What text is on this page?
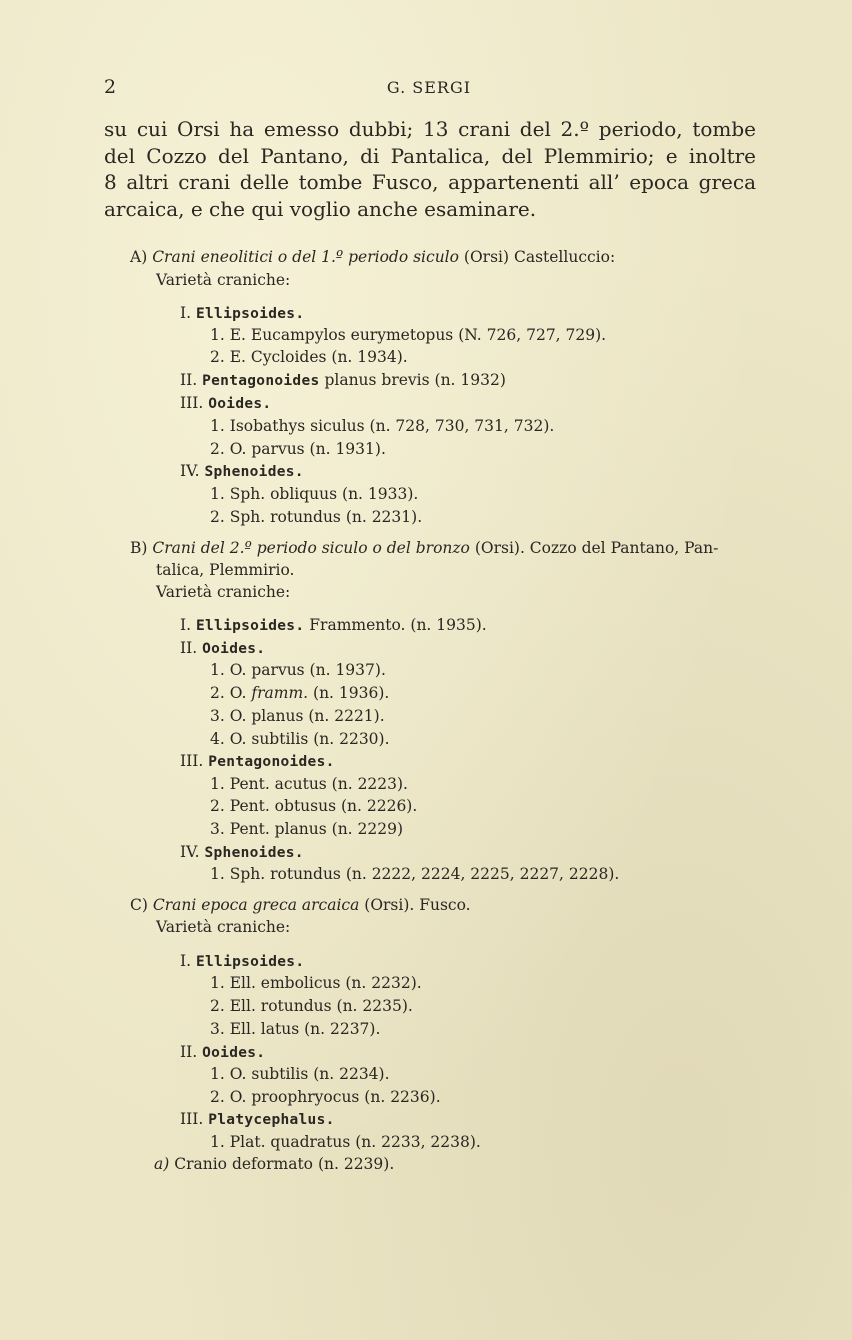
2	G. SERGI
su cui Orsi ha emesso dubbi; 13 crani del 2.º periodo, tombe
del Cozzo del Pantano, di Pantalica, del Plemmirio; e inoltre
8 altri crani delle tombe Fusco, appartenenti all’ epoca greca
arcaica, e che qui voglio anche esaminare.
A) Crani eneolitici o del 1.º periodo siculo (Orsi) Castelluccio:
Varietà craniche:
I. Ellipsoides.
1. E. Eucampylos eurymetopus (N. 726, 727, 729).
2. E. Cycloides (n. 1934).
II. Pentagonoides planus brevis (n. 1932)
III. Ooides.
1. Isobathys siculus (n. 728, 730, 731, 732).
2. O. parvus (n. 1931).
IV. Sphenoides.
1. Sph. obliquus (n. 1933).
2. Sph. rotundus (n. 2231).
B) Crani del 2.º periodo siculo o del bronzo (Orsi). Cozzo del Pantano, Pan-
talica, Plemmirio.
Varietà craniche:
I. Ellipsoides. Frammento. (n. 1935).
II. Ooides.
1. O. parvus (n. 1937).
2. O. framm. (n. 1936).
3. O. planus (n. 2221).
4. O. subtilis (n. 2230).
III. Pentagonoides.
1. Pent. acutus (n. 2223).
2. Pent. obtusus (n. 2226).
3. Pent. planus (n. 2229)
IV. Sphenoides.
1. Sph. rotundus (n. 2222, 2224, 2225, 2227, 2228).
C) Crani epoca greca arcaica (Orsi). Fusco.
Varietà craniche:
I. Ellipsoides.
1. Ell. embolicus (n. 2232).
2. Ell. rotundus (n. 2235).
3. Ell. latus (n. 2237).
II. Ooides.
1. O. subtilis (n. 2234).
2. O. proophryocus (n. 2236).
III. Platycephalus.
1. Plat. quadratus (n. 2233, 2238).
a) Cranio deformato (n. 2239).
